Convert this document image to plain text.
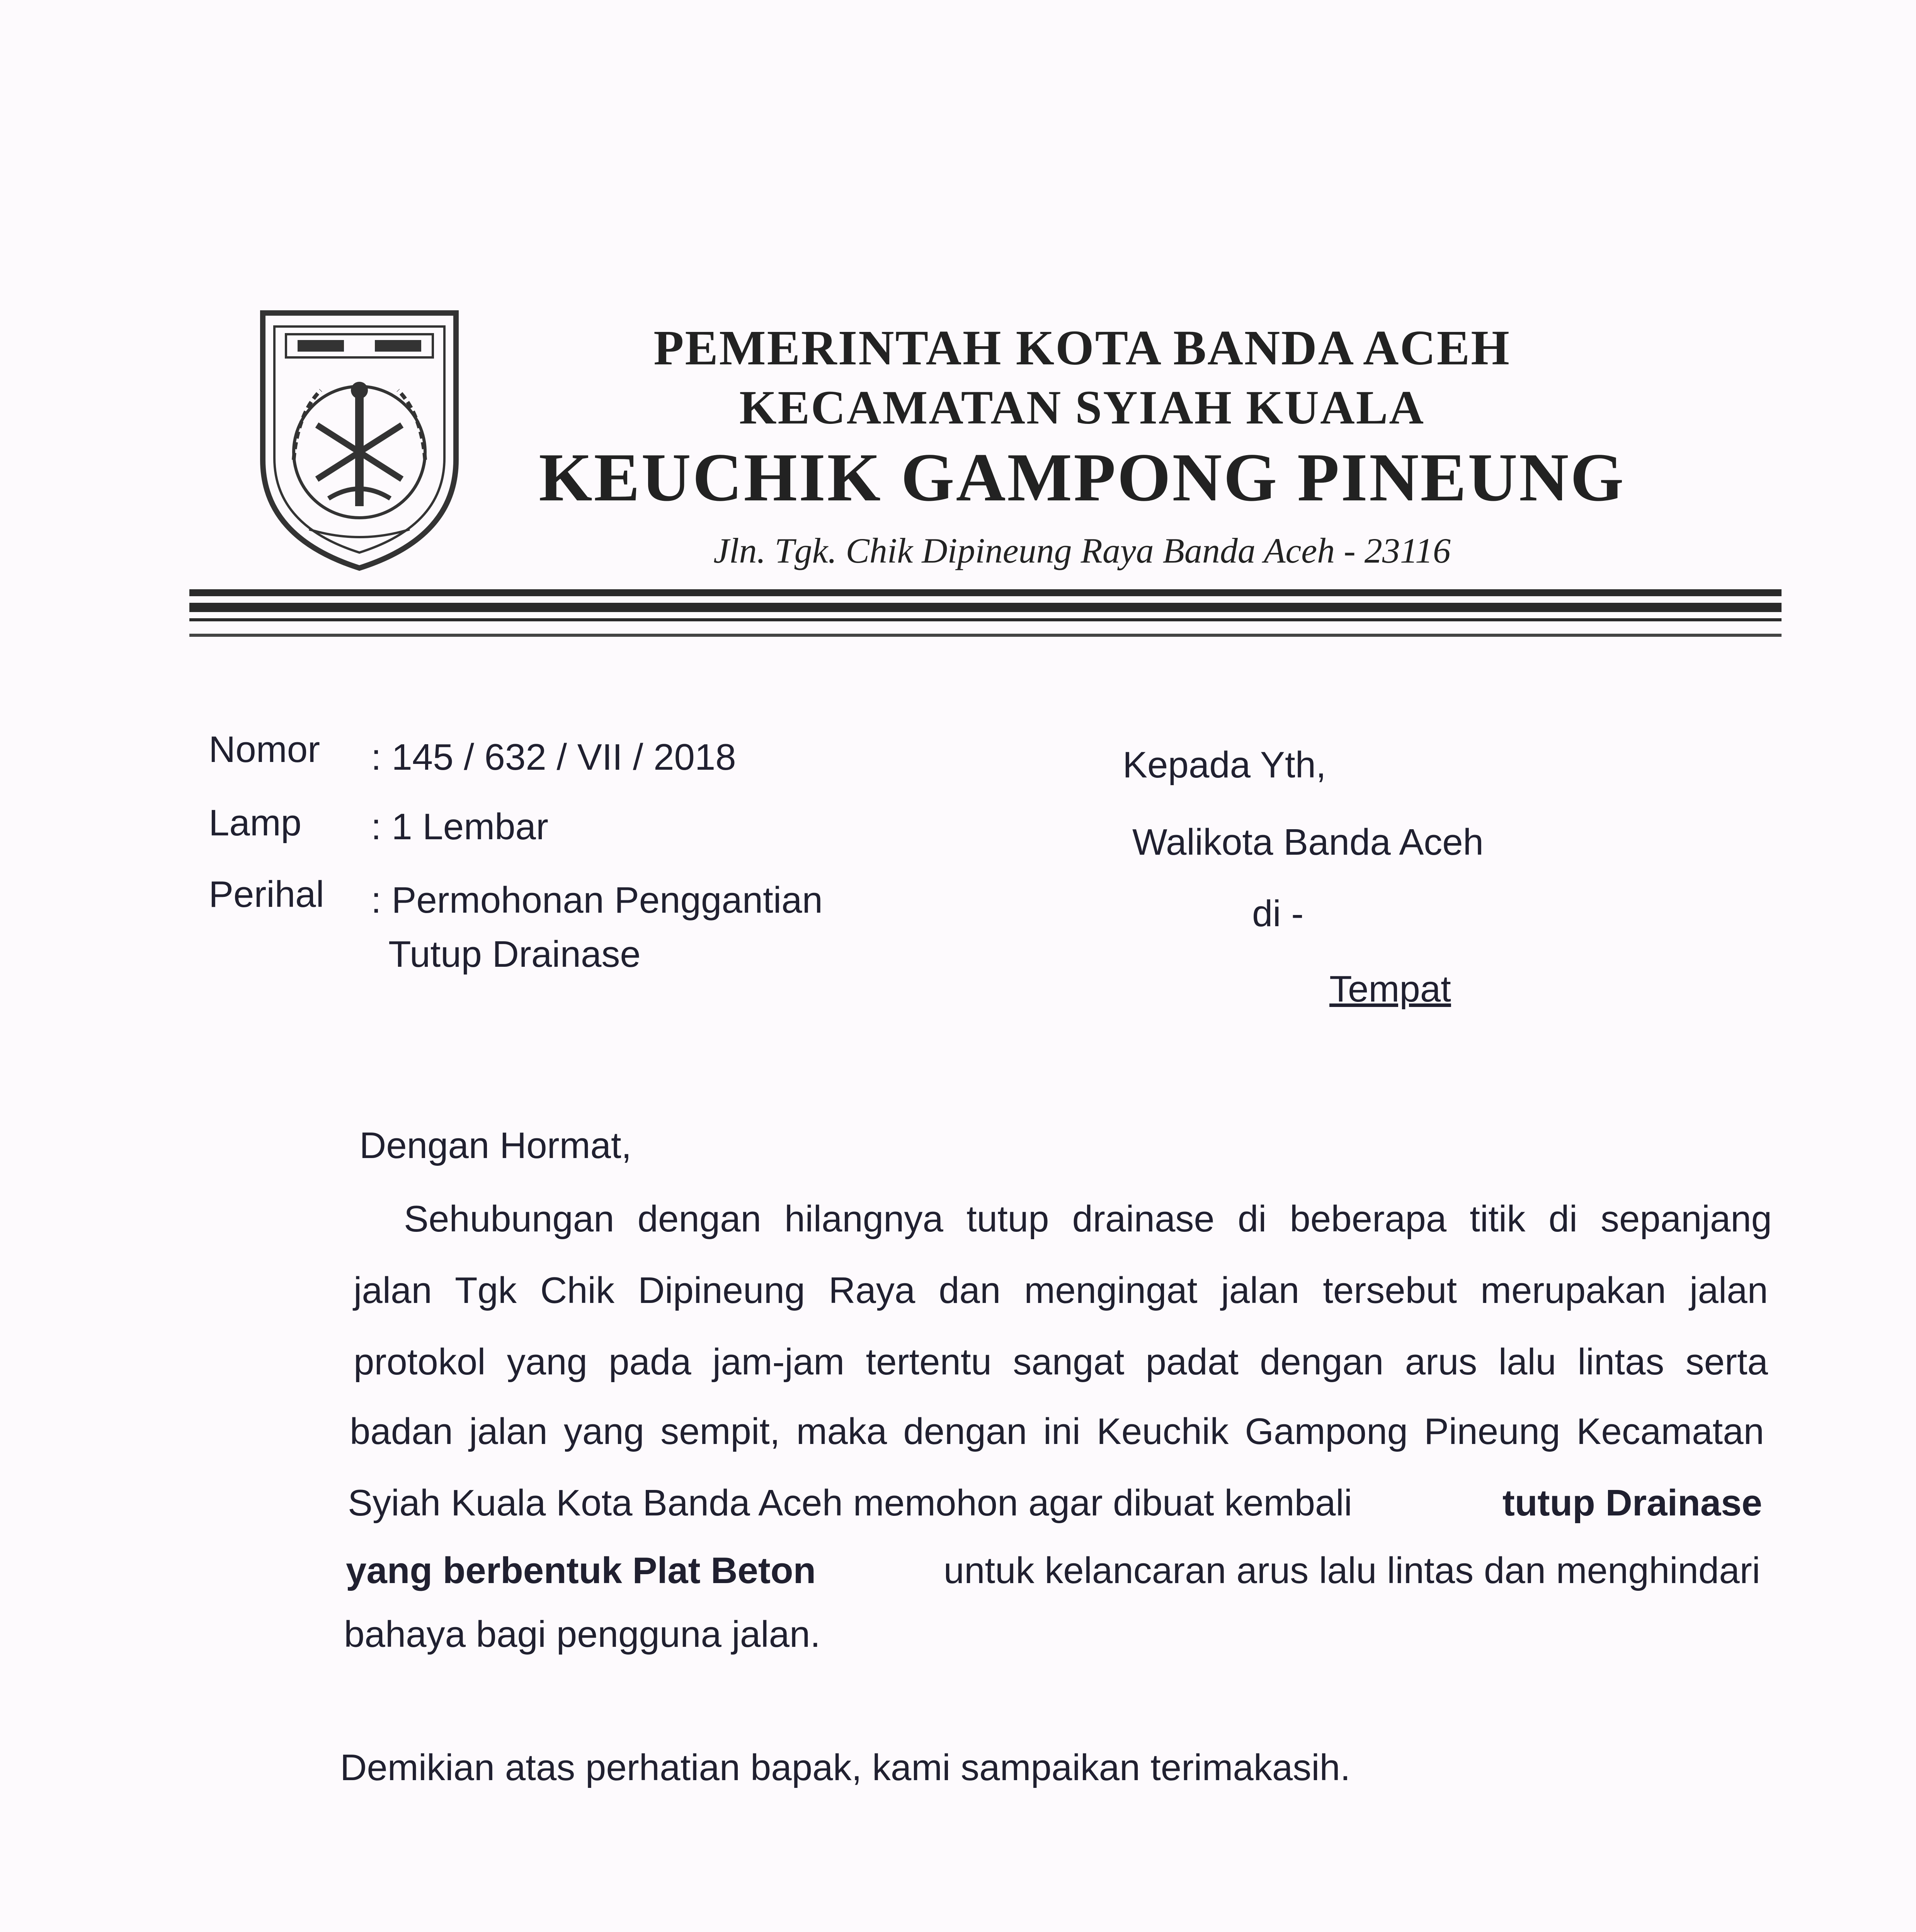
PEMERINTAH KOTA BANDA ACEH
KECAMATAN SYIAH KUALA
KEUCHIK GAMPONG PINEUNG
Jln. Tgk. Chik Dipineung Raya Banda Aceh - 23116
Nomor : 145 / 632 / VII / 2018
Lamp : 1 Lembar
Perihal : Permohonan Penggantian
Tutup Drainase
Kepada Yth,
Walikota Banda Aceh
di -
Tempat
Dengan Hormat,
Sehubungan dengan hilangnya tutup drainase di beberapa titik di sepanjang
jalan Tgk Chik Dipineung Raya dan mengingat jalan tersebut merupakan jalan
protokol yang pada jam-jam tertentu sangat padat dengan arus lalu lintas serta
badan jalan yang sempit, maka dengan ini Keuchik Gampong Pineung Kecamatan
Syiah Kuala Kota Banda Aceh memohon agar dibuat kembali	tutup Drainase
yang berbentuk Plat Beton	untuk kelancaran arus lalu lintas dan menghindari
bahaya bagi pengguna jalan.
Demikian atas perhatian bapak, kami sampaikan terimakasih.
